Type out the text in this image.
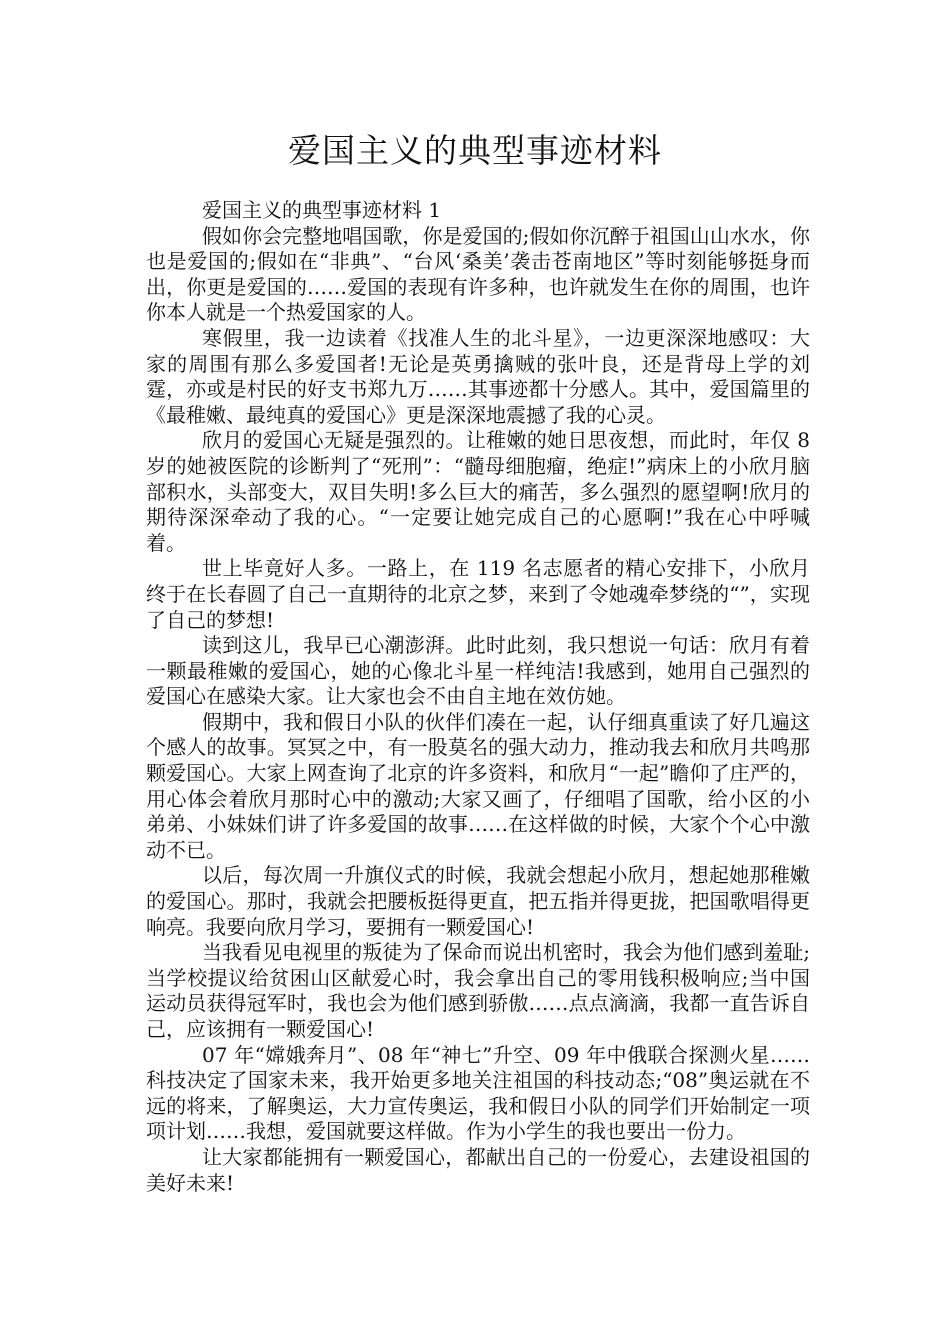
爱国主义的典型事迹材料

爱国主义的典型事迹材料 1

假如你会完整地唱国歌，你是爱国的;假如你沉醉于祖国山山水水，你也是爱国的;假如在“非典”、“台风‘桑美’袭击苍南地区”等时刻能够挺身而出，你更是爱国的……爱国的表现有许多种，也许就发生在你的周围，也许你本人就是一个热爱国家的人。

寒假里，我一边读着《找准人生的北斗星》，一边更深深地感叹：大家的周围有那么多爱国者!无论是英勇擒贼的张叶良，还是背母上学的刘霆，亦或是村民的好支书郑九万……其事迹都十分感人。其中，爱国篇里的《最稚嫩、最纯真的爱国心》更是深深地震撼了我的心灵。

欣月的爱国心无疑是强烈的。让稚嫩的她日思夜想，而此时，年仅 8 岁的她被医院的诊断判了“死刑”：“髓母细胞瘤，绝症!”病床上的小欣月脑部积水，头部变大，双目失明!多么巨大的痛苦，多么强烈的愿望啊!欣月的期待深深牵动了我的心。“一定要让她完成自己的心愿啊!”我在心中呼喊着。

世上毕竟好人多。一路上，在 119 名志愿者的精心安排下，小欣月终于在长春圆了自己一直期待的北京之梦，来到了令她魂牵梦绕的“”，实现了自己的梦想!

读到这儿，我早已心潮澎湃。此时此刻，我只想说一句话：欣月有着一颗最稚嫩的爱国心，她的心像北斗星一样纯洁!我感到，她用自己强烈的爱国心在感染大家。让大家也会不由自主地在效仿她。

假期中，我和假日小队的伙伴们凑在一起，认仔细真重读了好几遍这个感人的故事。冥冥之中，有一股莫名的强大动力，推动我去和欣月共鸣那颗爱国心。大家上网查询了北京的许多资料，和欣月“一起”瞻仰了庄严的，用心体会着欣月那时心中的激动;大家又画了，仔细唱了国歌，给小区的小弟弟、小妹妹们讲了许多爱国的故事……在这样做的时候，大家个个心中激动不已。

以后，每次周一升旗仪式的时候，我就会想起小欣月，想起她那稚嫩的爱国心。那时，我就会把腰板挺得更直，把五指并得更拢，把国歌唱得更响亮。我要向欣月学习，要拥有一颗爱国心!

当我看见电视里的叛徒为了保命而说出机密时，我会为他们感到羞耻;当学校提议给贫困山区献爱心时，我会拿出自己的零用钱积极响应;当中国运动员获得冠军时，我也会为他们感到骄傲……点点滴滴，我都一直告诉自己，应该拥有一颗爱国心!

07 年“嫦娥奔月”、08 年“神七”升空、09 年中俄联合探测火星……科技决定了国家未来，我开始更多地关注祖国的科技动态;“08”奥运就在不远的将来，了解奥运，大力宣传奥运，我和假日小队的同学们开始制定一项项计划……我想，爱国就要这样做。作为小学生的我也要出一份力。

让大家都能拥有一颗爱国心，都献出自己的一份爱心，去建设祖国的美好未来!
